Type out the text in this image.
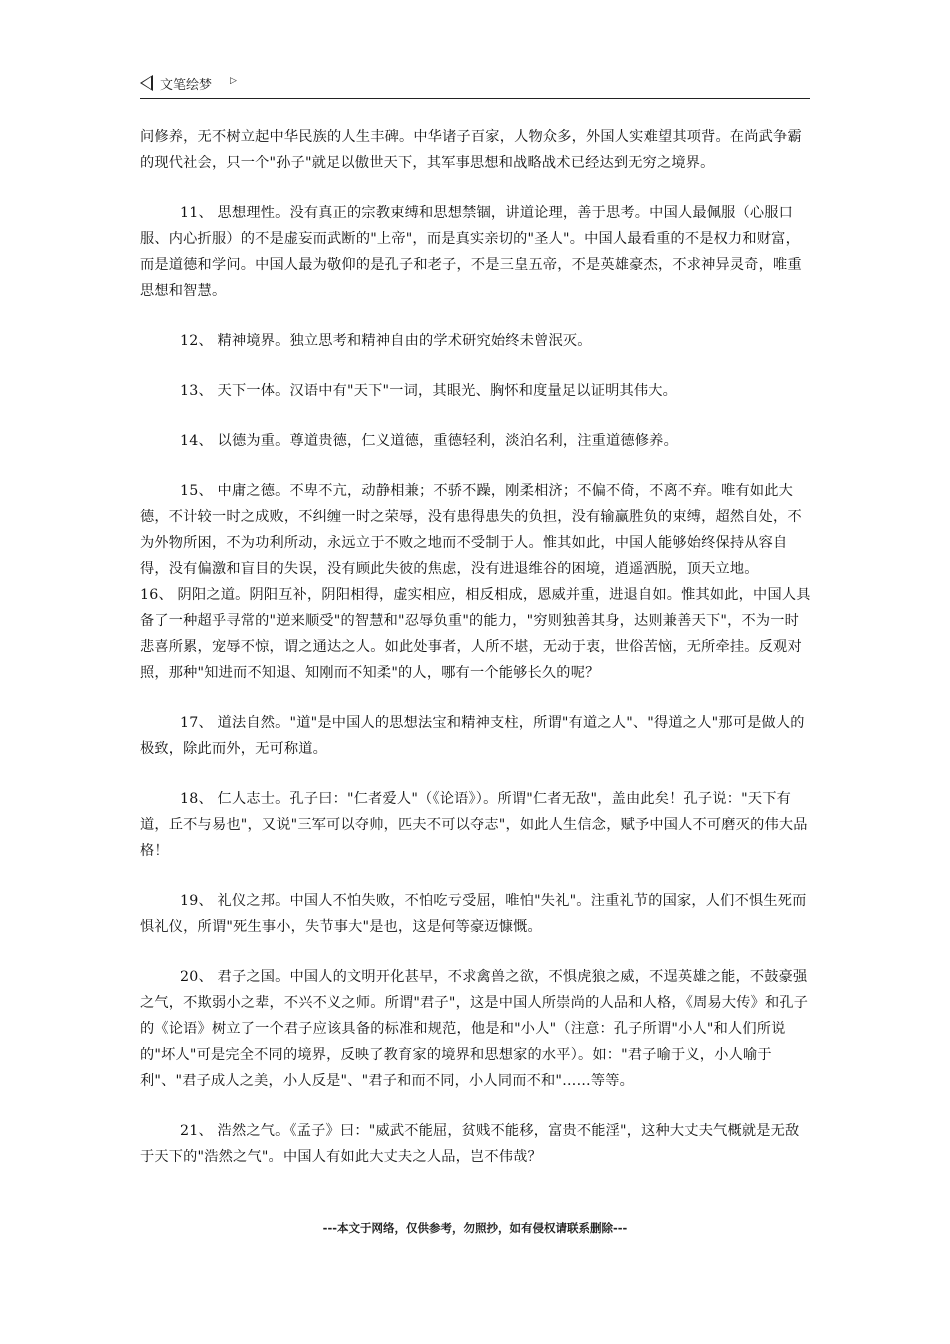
文笔绘梦 ▷

问修养，无不树立起中华民族的人生丰碑。中华诸子百家，人物众多，外国人实难望其项背。在尚武争霸的现代社会，只一个"孙子"就足以傲世天下，其军事思想和战略战术已经达到无穷之境界。

11、 思想理性。没有真正的宗教束缚和思想禁锢，讲道论理，善于思考。中国人最佩服（心服口服、内心折服）的不是虚妄而武断的"上帝"，而是真实亲切的"圣人"。中国人最看重的不是权力和财富，而是道德和学问。中国人最为敬仰的是孔子和老子，不是三皇五帝，不是英雄豪杰，不求神异灵奇，唯重思想和智慧。

12、 精神境界。独立思考和精神自由的学术研究始终未曾泯灭。

13、 天下一体。汉语中有"天下"一词，其眼光、胸怀和度量足以证明其伟大。

14、 以德为重。尊道贵德，仁义道德，重德轻利，淡泊名利，注重道德修养。

15、 中庸之德。不卑不亢，动静相兼；不骄不躁，刚柔相济；不偏不倚，不离不弃。唯有如此大德，不计较一时之成败，不纠缠一时之荣辱，没有患得患失的负担，没有输赢胜负的束缚，超然自处，不为外物所困，不为功利所动，永远立于不败之地而不受制于人。惟其如此，中国人能够始终保持从容自得，没有偏激和盲目的失误，没有顾此失彼的焦虑，没有进退维谷的困境，逍遥洒脱，顶天立地。　　16、 阴阳之道。阴阳互补，阴阳相得，虚实相应，相反相成，恩威并重，进退自如。惟其如此，中国人具备了一种超乎寻常的"逆来顺受"的智慧和"忍辱负重"的能力，"穷则独善其身，达则兼善天下"，不为一时悲喜所累，宠辱不惊，谓之通达之人。如此处事者，人所不堪，无动于衷，世俗苦恼，无所牵挂。反观对照，那种"知进而不知退、知刚而不知柔"的人，哪有一个能够长久的呢？

17、 道法自然。"道"是中国人的思想法宝和精神支柱，所谓"有道之人"、"得道之人"那可是做人的极致，除此而外，无可称道。

18、 仁人志士。孔子曰："仁者爱人"（《论语》）。所谓"仁者无敌"，盖由此矣！孔子说："天下有道，丘不与易也"，又说"三军可以夺帅，匹夫不可以夺志"，如此人生信念，赋予中国人不可磨灭的伟大品格！

19、 礼仪之邦。中国人不怕失败，不怕吃亏受屈，唯怕"失礼"。注重礼节的国家，人们不惧生死而惧礼仪，所谓"死生事小，失节事大"是也，这是何等豪迈慷慨。

20、 君子之国。中国人的文明开化甚早，不求禽兽之欲，不惧虎狼之威，不逞英雄之能，不鼓豪强之气，不欺弱小之辈，不兴不义之师。所谓"君子"，这是中国人所崇尚的人品和人格，《周易大传》和孔子的《论语》树立了一个君子应该具备的标准和规范，他是和"小人"（注意：孔子所谓"小人"和人们所说的"坏人"可是完全不同的境界，反映了教育家的境界和思想家的水平）。如："君子喻于义，小人喻于利"、"君子成人之美，小人反是"、"君子和而不同，小人同而不和"……等等。

21、 浩然之气。《孟子》曰："威武不能屈，贫贱不能移，富贵不能淫"，这种大丈夫气概就是无敌于天下的"浩然之气"。中国人有如此大丈夫之人品，岂不伟哉？

---本文于网络，仅供参考，勿照抄，如有侵权请联系删除---
